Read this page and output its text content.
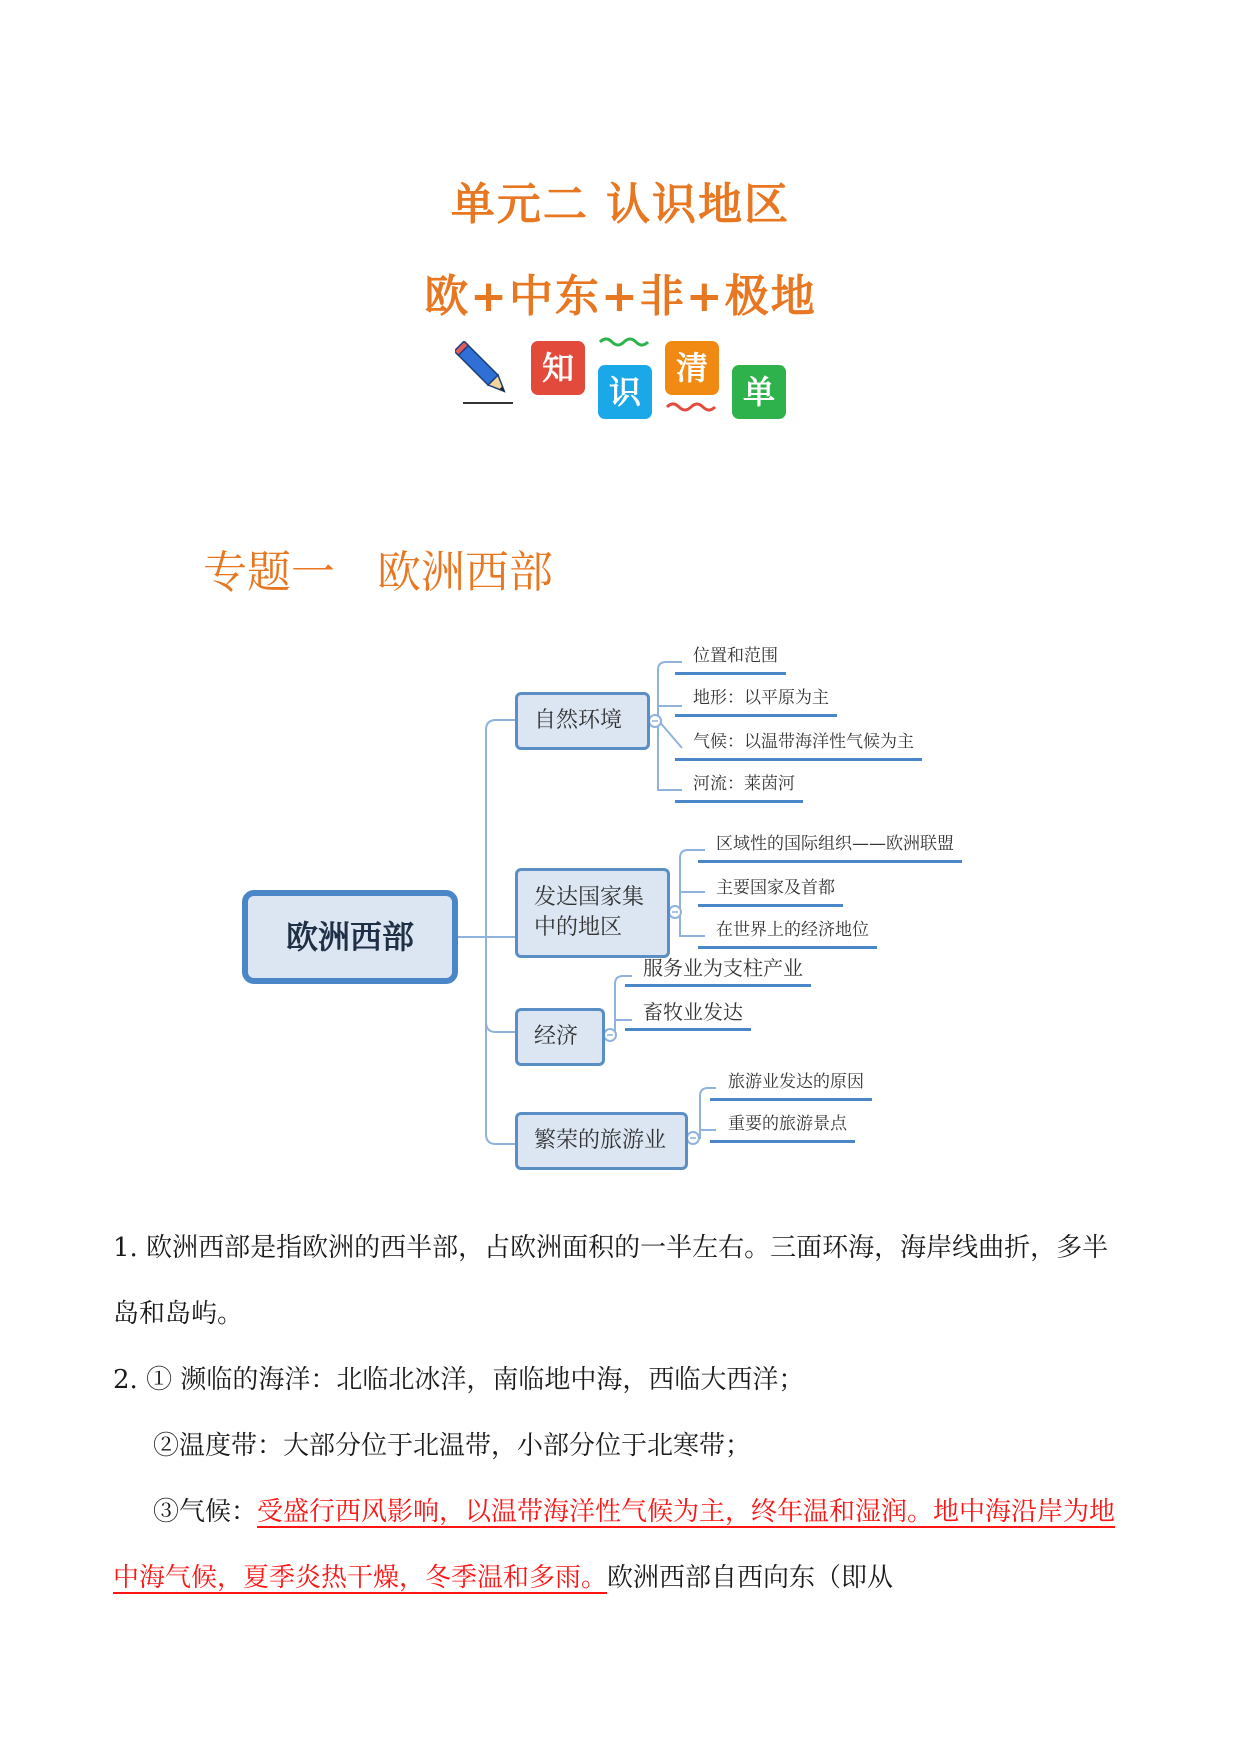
单元二 认识地区
欧+中东+非+极地
知
识
清
单
专题一   欧洲西部
欧洲西部
自然环境
发达国家集
中的地区
经济
繁荣的旅游业
位置和范围
地形：以平原为主
气候：以温带海洋性气候为主
河流：莱茵河
区域性的国际组织——欧洲联盟
主要国家及首都
在世界上的经济地位
服务业为支柱产业
畜牧业发达
旅游业发达的原因
重要的旅游景点

1. 欧洲西部是指欧洲的西半部，占欧洲面积的一半左右。三面环海，海岸线曲折，多半岛和岛屿。

2. ① 濒临的海洋：北临北冰洋，南临地中海，西临大西洋；
②温度带：大部分位于北温带，小部分位于北寒带；
③气候：受盛行西风影响，以温带海洋性气候为主，终年温和湿润。地中海沿岸为地中海气候，夏季炎热干燥，冬季温和多雨。欧洲西部自西向东（即从
